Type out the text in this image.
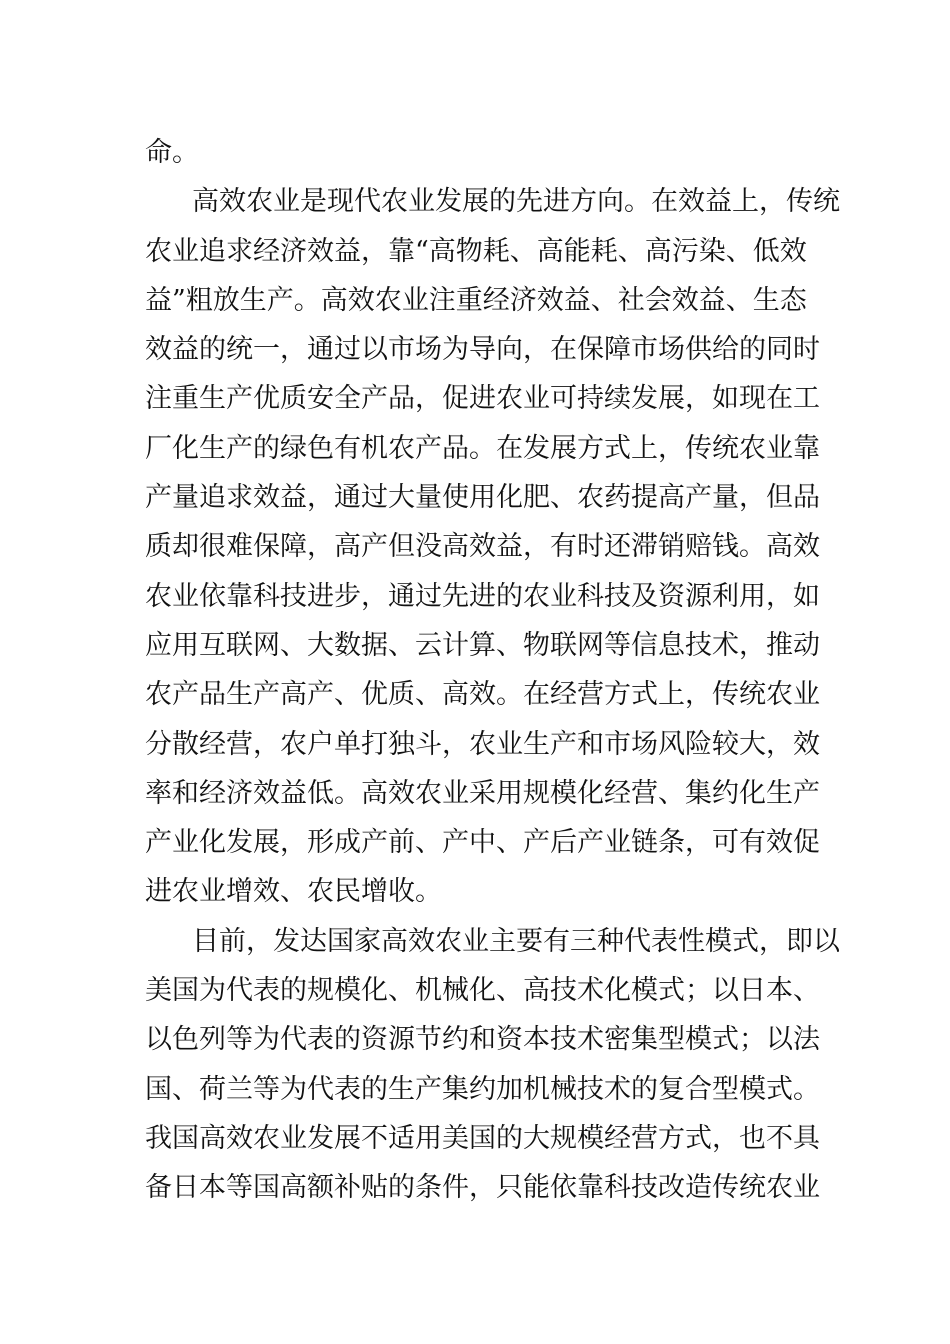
命。
高效农业是现代农业发展的先进方向。在效益上，传统
农业追求经济效益，靠“高物耗、高能耗、高污染、低效
益”粗放生产。高效农业注重经济效益、社会效益、生态
效益的统一，通过以市场为导向，在保障市场供给的同时
注重生产优质安全产品，促进农业可持续发展，如现在工
厂化生产的绿色有机农产品。在发展方式上，传统农业靠
产量追求效益，通过大量使用化肥、农药提高产量，但品
质却很难保障，高产但没高效益，有时还滞销赔钱。高效
农业依靠科技进步，通过先进的农业科技及资源利用，如
应用互联网、大数据、云计算、物联网等信息技术，推动
农产品生产高产、优质、高效。在经营方式上，传统农业
分散经营，农户单打独斗，农业生产和市场风险较大，效
率和经济效益低。高效农业采用规模化经营、集约化生产
产业化发展，形成产前、产中、产后产业链条，可有效促
进农业增效、农民增收。
目前，发达国家高效农业主要有三种代表性模式，即以
美国为代表的规模化、机械化、高技术化模式；以日本、
以色列等为代表的资源节约和资本技术密集型模式；以法
国、荷兰等为代表的生产集约加机械技术的复合型模式。
我国高效农业发展不适用美国的大规模经营方式，也不具
备日本等国高额补贴的条件，只能依靠科技改造传统农业
